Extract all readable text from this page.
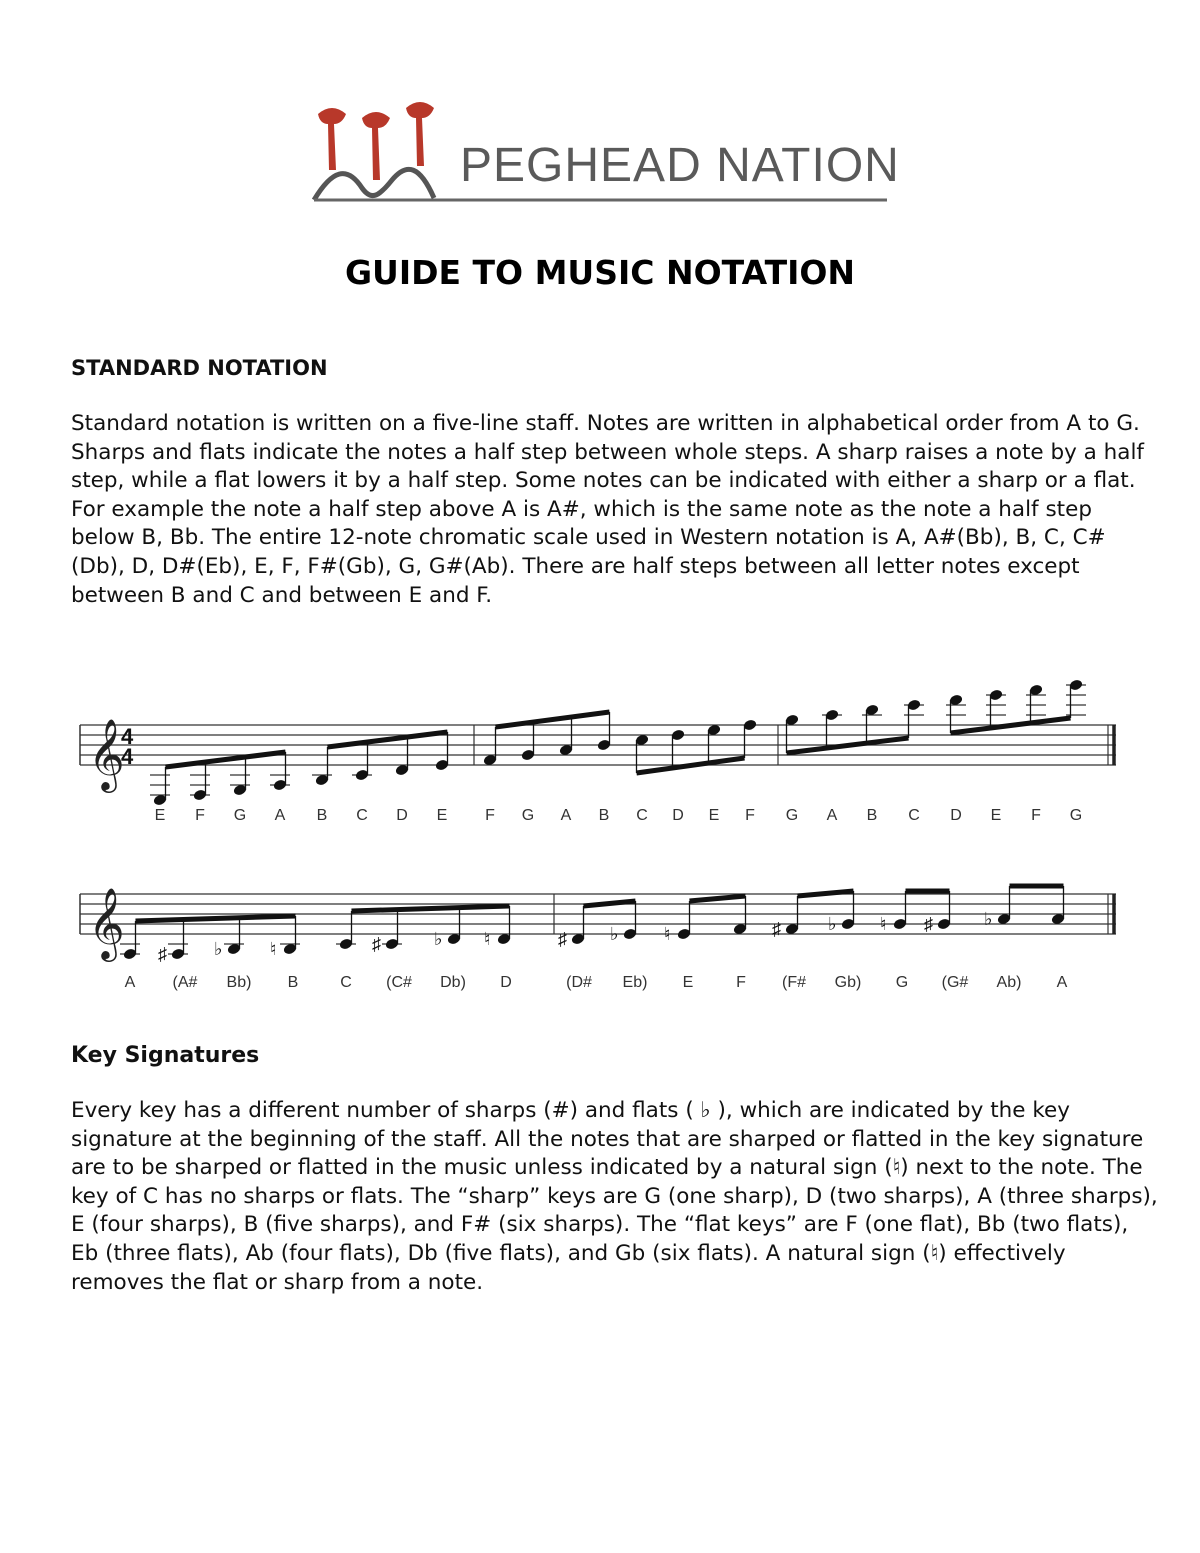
PEGHEAD NATION
GUIDE TO MUSIC NOTATION
STANDARD NOTATION
Standard notation is written on a five-line staff. Notes are written in alphabetical order from A to G. Sharps and flats indicate the notes a half step between whole steps. A sharp raises a note by a half step, while a flat lowers it by a half step. Some notes can be indicated with either a sharp or a flat. For example the note a half step above A is A#, which is the same note as the note a half step below B, Bb. The entire 12-note chromatic scale used in Western notation is A, A#(Bb), B, C, C#(Db), D, D#(Eb), E, F, F#(Gb), G, G#(Ab). There are half steps between all letter notes except between B and C and between E and F.
𝄞
4
4
E F G A B C D E F G A B C D E F G A B C D E F G
𝄞 ♯	♭	♮	♯	♭ ♮	♯ ♭	♮	♯	♭ ♮ ♯	♭
A (A# Bb) B	C (C# Db) D	(D# Eb) E	F (F# Gb) G (G# Ab) A
Key Signatures
Every key has a different number of sharps (#) and flats ( ♭ ), which are indicated by the key signature at the beginning of the staff. All the notes that are sharped or flatted in the key signature are to be sharped or flatted in the music unless indicated by a natural sign (♮) next to the note. The key of C has no sharps or flats. The “sharp” keys are G (one sharp), D (two sharps), A (three sharps), E (four sharps), B (five sharps), and F# (six sharps). The “flat keys” are F (one flat), Bb (two flats), Eb (three flats), Ab (four flats), Db (five flats), and Gb (six flats). A natural sign (♮) effectively removes the flat or sharp from a note.
